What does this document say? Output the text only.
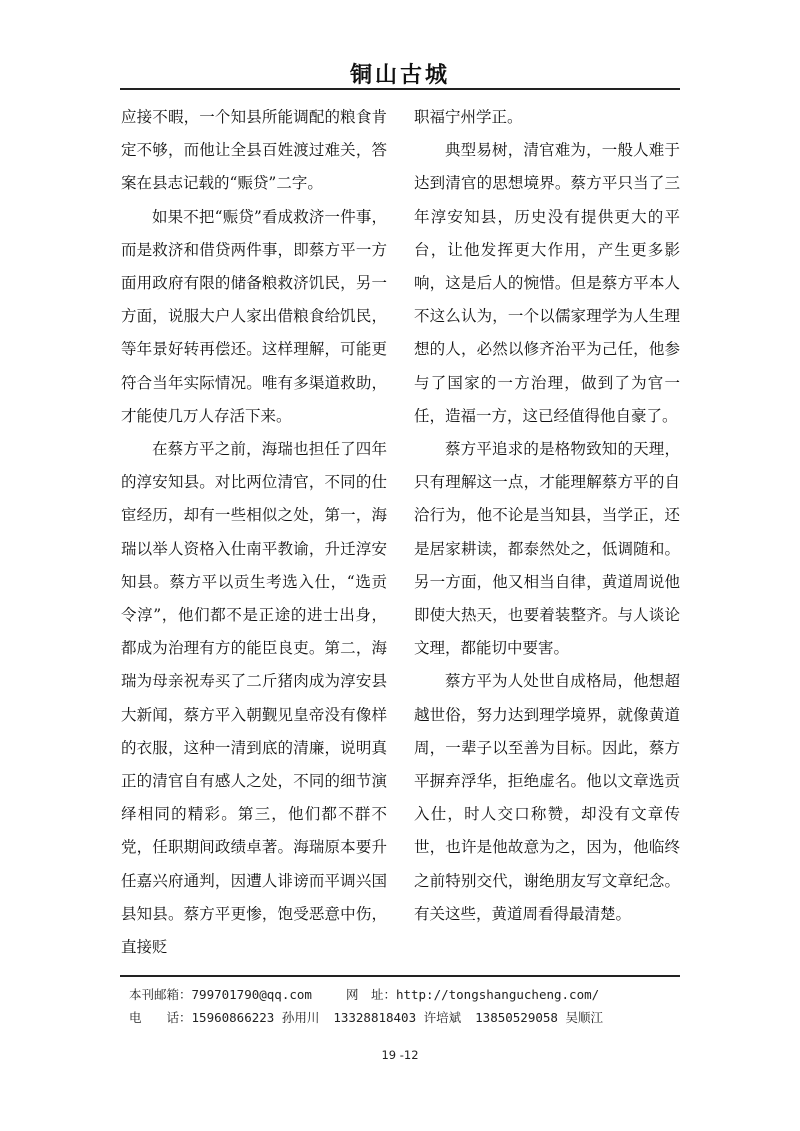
铜山古城

应接不暇，一个知县所能调配的粮食肯定不够，而他让全县百姓渡过难关，答案在县志记载的“赈贷”二字。

如果不把“赈贷”看成救济一件事，而是救济和借贷两件事，即蔡方平一方面用政府有限的储备粮救济饥民，另一方面，说服大户人家出借粮食给饥民，等年景好转再偿还。这样理解，可能更符合当年实际情况。唯有多渠道救助，才能使几万人存活下来。

在蔡方平之前，海瑞也担任了四年的淳安知县。对比两位清官，不同的仕宦经历，却有一些相似之处，第一，海瑞以举人资格入仕南平教谕，升迁淳安知县。蔡方平以贡生考选入仕，“选贡令淳”，他们都不是正途的进士出身，都成为治理有方的能臣良吏。第二，海瑞为母亲祝寿买了二斤猪肉成为淳安县大新闻，蔡方平入朝觐见皇帝没有像样的衣服，这种一清到底的清廉，说明真正的清官自有感人之处，不同的细节演绎相同的精彩。第三，他们都不群不党，任职期间政绩卓著。海瑞原本要升任嘉兴府通判，因遭人诽谤而平调兴国县知县。蔡方平更惨，饱受恶意中伤，直接贬

职福宁州学正。

典型易树，清官难为，一般人难于达到清官的思想境界。蔡方平只当了三年淳安知县，历史没有提供更大的平台，让他发挥更大作用，产生更多影响，这是后人的惋惜。但是蔡方平本人不这么认为，一个以儒家理学为人生理想的人，必然以修齐治平为己任，他参与了国家的一方治理，做到了为官一任，造福一方，这已经值得他自豪了。

蔡方平追求的是格物致知的天理，只有理解这一点，才能理解蔡方平的自洽行为，他不论是当知县，当学正，还是居家耕读，都泰然处之，低调随和。另一方面，他又相当自律，黄道周说他即使大热天，也要着装整齐。与人谈论文理，都能切中要害。

蔡方平为人处世自成格局，他想超越世俗，努力达到理学境界，就像黄道周，一辈子以至善为目标。因此，蔡方平摒弃浮华，拒绝虚名。他以文章选贡入仕，时人交口称赞，却没有文章传世，也许是他故意为之，因为，他临终之前特别交代，谢绝朋友写文章纪念。有关这些，黄道周看得最清楚。

本刊邮箱：799701790@qq.com	网　址：http://tongshangucheng.com/
电　　话：15960866223 孙用川 13328818403 许培斌 13850529058 吴顺江
19 -12
